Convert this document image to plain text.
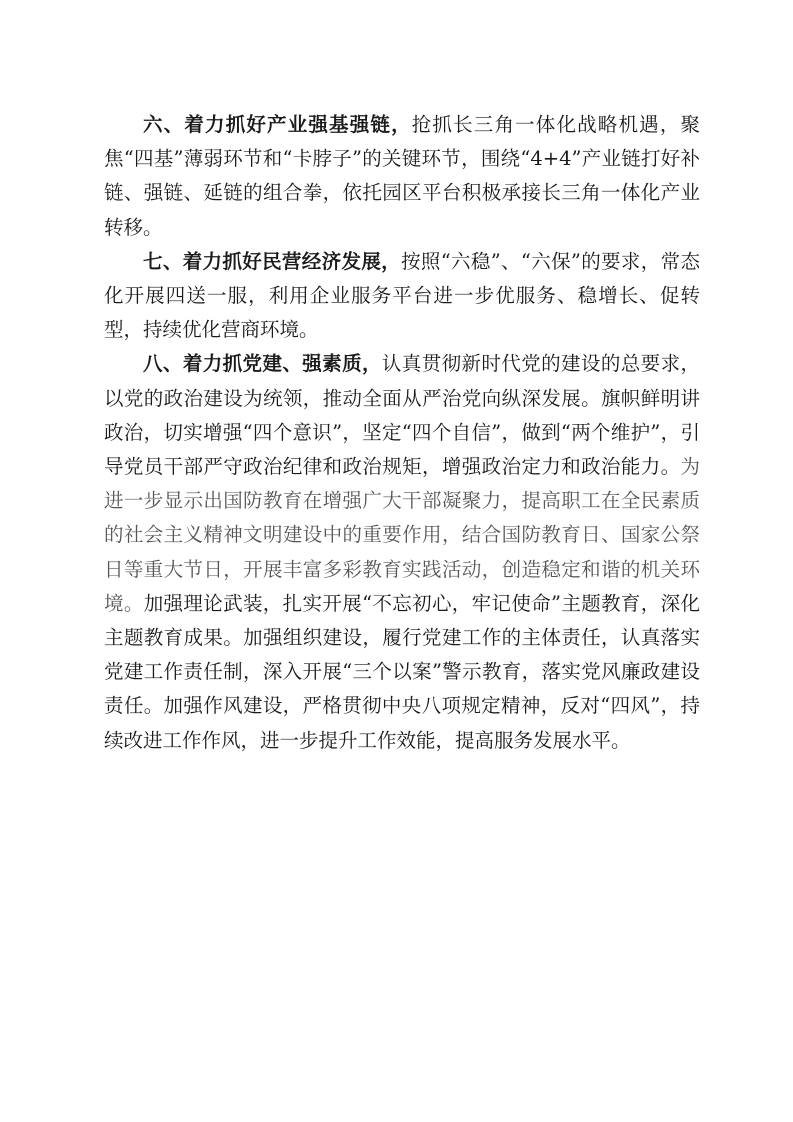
六、着力抓好产业强基强链，抢抓长三角一体化战略机遇，聚焦“四基”薄弱环节和“卡脖子”的关键环节，围绕“4+4”产业链打好补链、强链、延链的组合拳，依托园区平台积极承接长三角一体化产业转移。

七、着力抓好民营经济发展，按照“六稳”、“六保”的要求，常态化开展四送一服，利用企业服务平台进一步优服务、稳增长、促转型，持续优化营商环境。

八、着力抓党建、强素质，认真贯彻新时代党的建设的总要求，以党的政治建设为统领，推动全面从严治党向纵深发展。旗帜鲜明讲政治，切实增强“四个意识”，坚定“四个自信”，做到“两个维护”，引导党员干部严守政治纪律和政治规矩，增强政治定力和政治能力。为进一步显示出国防教育在增强广大干部凝聚力，提高职工在全民素质的社会主义精神文明建设中的重要作用，结合国防教育日、国家公祭日等重大节日，开展丰富多彩教育实践活动，创造稳定和谐的机关环境。加强理论武装，扎实开展“不忘初心，牢记使命”主题教育，深化主题教育成果。加强组织建设，履行党建工作的主体责任，认真落实党建工作责任制，深入开展“三个以案”警示教育，落实党风廉政建设责任。加强作风建设，严格贯彻中央八项规定精神，反对“四风”，持续改进工作作风，进一步提升工作效能，提高服务发展水平。
